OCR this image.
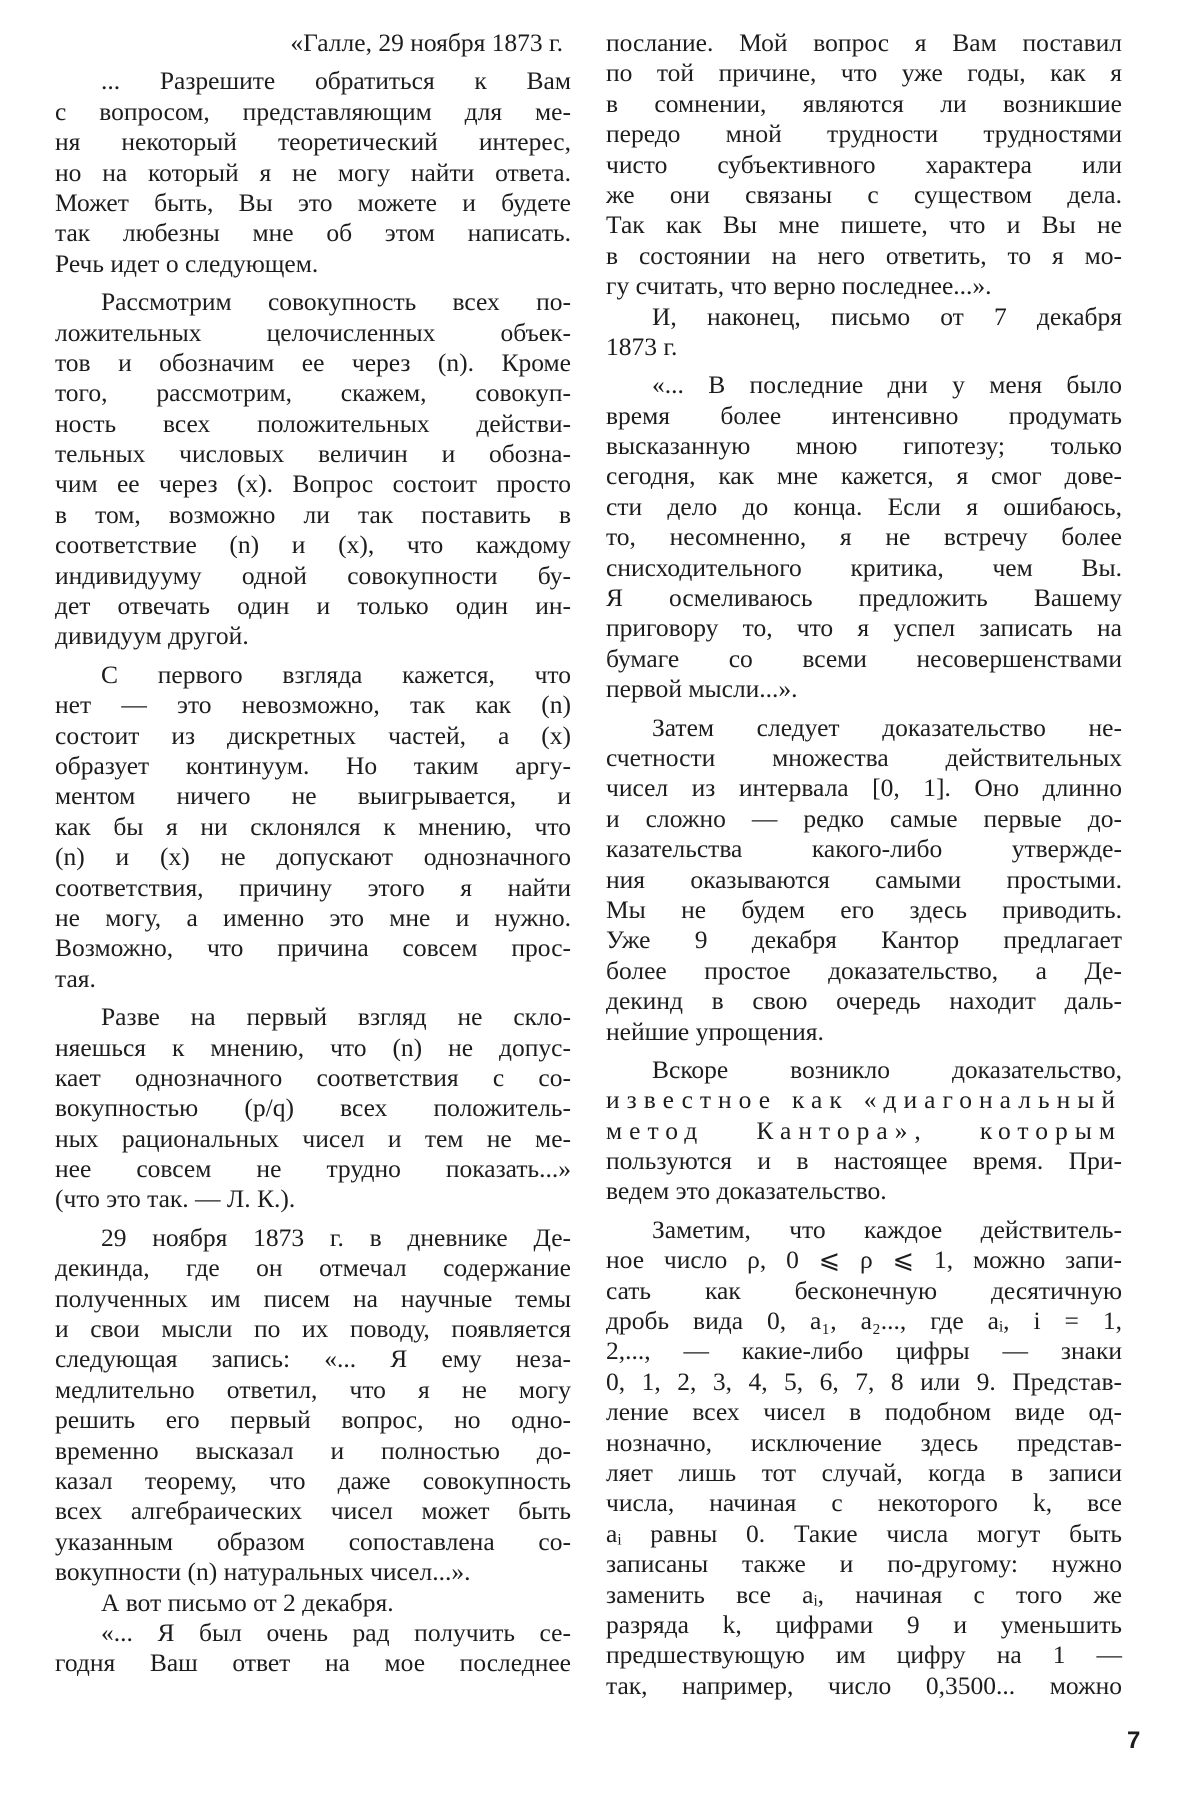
«Галле, 29 ноября 1873 г.
... Разрешите обратиться к Вам
с вопросом, представляющим для ме-
ня некоторый теоретический интерес,
но на который я не могу найти ответа.
Может быть, Вы это можете и будете
так любезны мне об этом написать.
Речь идет о следующем.
Рассмотрим совокупность всех по-
ложительных целочисленных объек-
тов и обозначим ее через (n). Кроме
того, рассмотрим, скажем, совокуп-
ность всех положительных действи-
тельных числовых величин и обозна-
чим ее через (x). Вопрос состоит просто
в том, возможно ли так поставить в
соответствие (n) и (x), что каждому
индивидууму одной совокупности бу-
дет отвечать один и только один ин-
дивидуум другой.
С первого взгляда кажется, что
нет — это невозможно, так как (n)
состоит из дискретных частей, а (x)
образует континуум. Но таким аргу-
ментом ничего не выигрывается, и
как бы я ни склонялся к мнению, что
(n) и (x) не допускают однозначного
соответствия, причину этого я найти
не могу, а именно это мне и нужно.
Возможно, что причина совсем прос-
тая.
Разве на первый взгляд не скло-
няешься к мнению, что (n) не допус-
кает однозначного соответствия с со-
вокупностью (p/q) всех положитель-
ных рациональных чисел и тем не ме-
нее совсем не трудно показать...»
(что это так. — Л. К.).
29 ноября 1873 г. в дневнике Де-
декинда, где он отмечал содержание
полученных им писем на научные темы
и свои мысли по их поводу, появляется
следующая запись: «... Я ему неза-
медлительно ответил, что я не могу
решить его первый вопрос, но одно-
временно высказал и полностью до-
казал теорему, что даже совокупность
всех алгебраических чисел может быть
указанным образом сопоставлена со-
вокупности (n) натуральных чисел...».
А вот письмо от 2 декабря.
«... Я был очень рад получить се-
годня Ваш ответ на мое последнее
послание. Мой вопрос я Вам поставил
по той причине, что уже годы, как я
в сомнении, являются ли возникшие
передо мной трудности трудностями
чисто субъективного характера или
же они связаны с существом дела.
Так как Вы мне пишете, что и Вы не
в состоянии на него ответить, то я мо-
гу считать, что верно последнее...».
И, наконец, письмо от 7 декабря
1873 г.
«... В последние дни у меня было
время более интенсивно продумать
высказанную мною гипотезу; только
сегодня, как мне кажется, я смог дове-
сти дело до конца. Если я ошибаюсь,
то, несомненно, я не встречу более
снисходительного критика, чем Вы.
Я осмеливаюсь предложить Вашему
приговору то, что я успел записать на
бумаге со всеми несовершенствами
первой мысли...».
Затем следует доказательство не-
счетности множества действительных
чисел из интервала [0, 1]. Оно длинно
и сложно — редко самые первые до-
казательства какого-либо утвержде-
ния оказываются самыми простыми.
Мы не будем его здесь приводить.
Уже 9 декабря Кантор предлагает
более простое доказательство, а Де-
декинд в свою очередь находит даль-
нейшие упрощения.
Вскоре возникло доказательство,
известное как «диагональный
метод Кантора», которым
пользуются и в настоящее время. При-
ведем это доказательство.
Заметим, что каждое действитель-
ное число ρ, 0 ⩽ ρ ⩽ 1, можно запи-
сать как бесконечную десятичную
дробь вида 0, a₁, a₂..., где aᵢ, i = 1,
2,..., — какие-либо цифры — знаки
0, 1, 2, 3, 4, 5, 6, 7, 8 или 9. Представ-
ление всех чисел в подобном виде од-
нозначно, исключение здесь представ-
ляет лишь тот случай, когда в записи
числа, начиная с некоторого k, все
aᵢ равны 0. Такие числа могут быть
записаны также и по-другому: нужно
заменить все aᵢ, начиная с того же
разряда k, цифрами 9 и уменьшить
предшествующую им цифру на 1 —
так, например, число 0,3500... можно
7
